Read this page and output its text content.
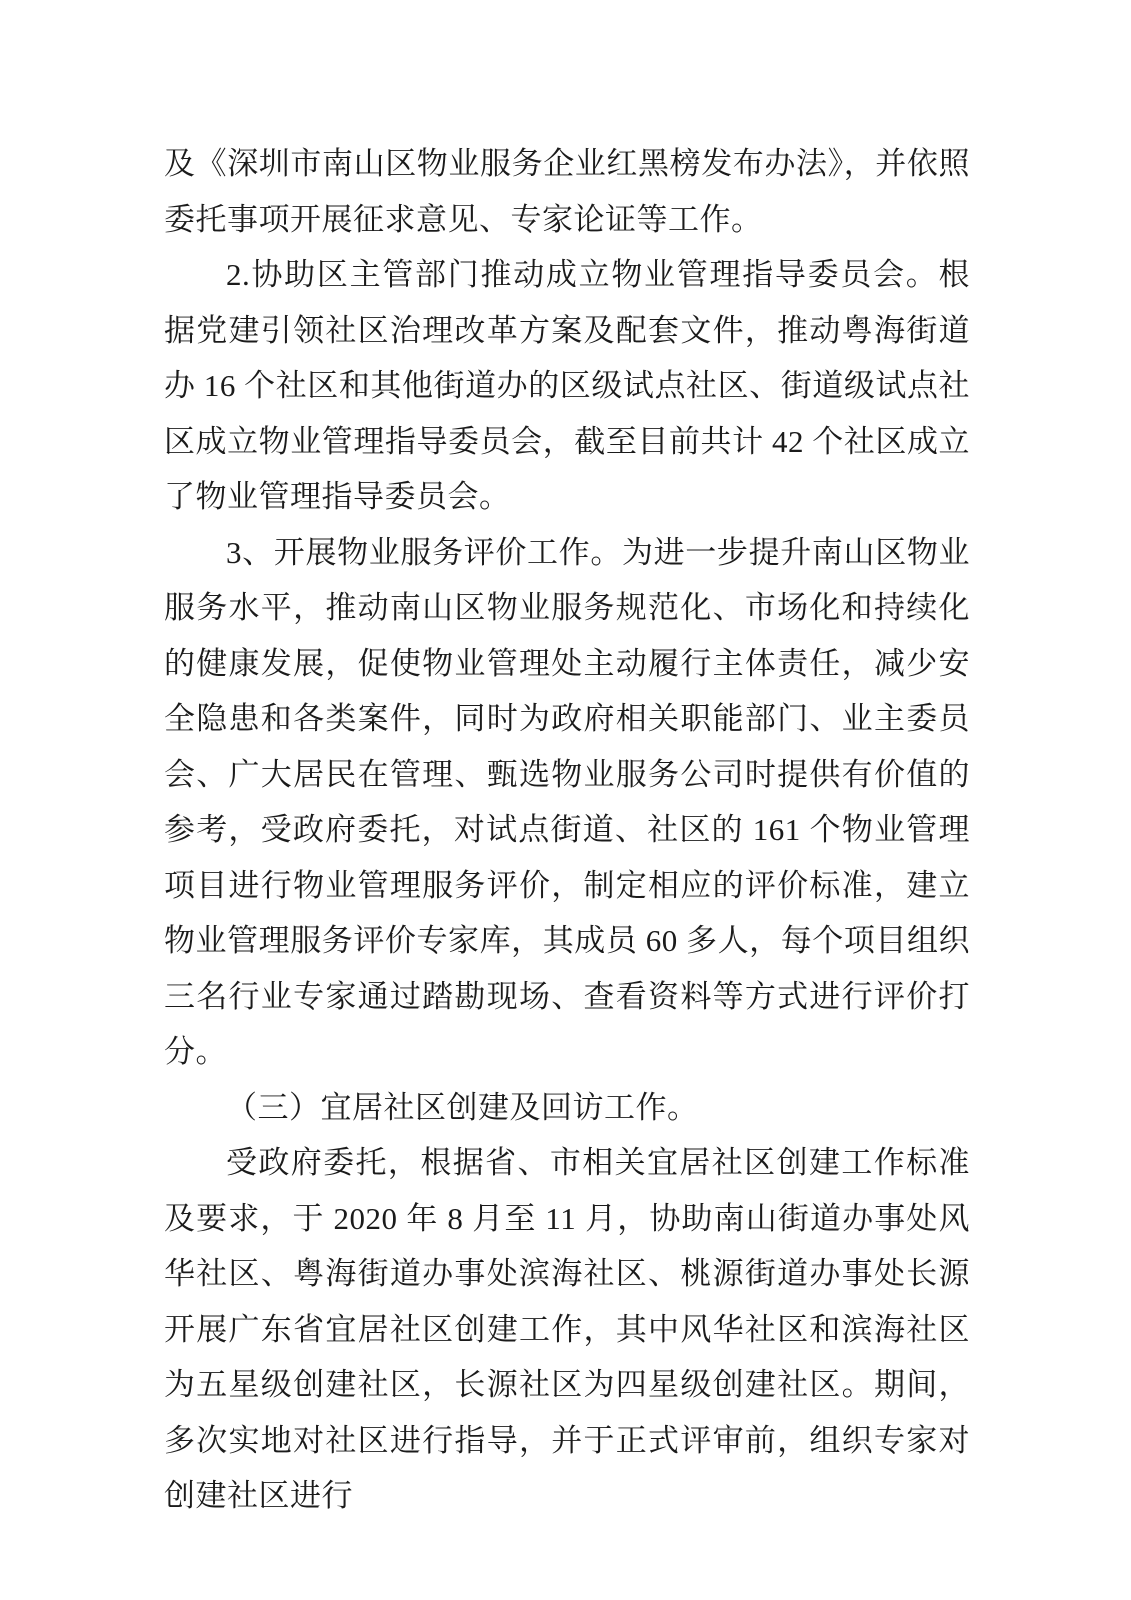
及《深圳市南山区物业服务企业红黑榜发布办法》，并依照委托事项开展征求意见、专家论证等工作。

2.协助区主管部门推动成立物业管理指导委员会。根据党建引领社区治理改革方案及配套文件，推动粤海街道办 16 个社区和其他街道办的区级试点社区、街道级试点社区成立物业管理指导委员会，截至目前共计 42 个社区成立了物业管理指导委员会。

3、开展物业服务评价工作。为进一步提升南山区物业服务水平，推动南山区物业服务规范化、市场化和持续化的健康发展，促使物业管理处主动履行主体责任，减少安全隐患和各类案件，同时为政府相关职能部门、业主委员会、广大居民在管理、甄选物业服务公司时提供有价值的参考，受政府委托，对试点街道、社区的 161 个物业管理项目进行物业管理服务评价，制定相应的评价标准，建立物业管理服务评价专家库，其成员 60 多人，每个项目组织三名行业专家通过踏勘现场、查看资料等方式进行评价打分。

（三）宜居社区创建及回访工作。

受政府委托，根据省、市相关宜居社区创建工作标准及要求，于 2020 年 8 月至 11 月，协助南山街道办事处风华社区、粤海街道办事处滨海社区、桃源街道办事处长源开展广东省宜居社区创建工作，其中风华社区和滨海社区为五星级创建社区，长源社区为四星级创建社区。期间，多次实地对社区进行指导，并于正式评审前，组织专家对创建社区进行
